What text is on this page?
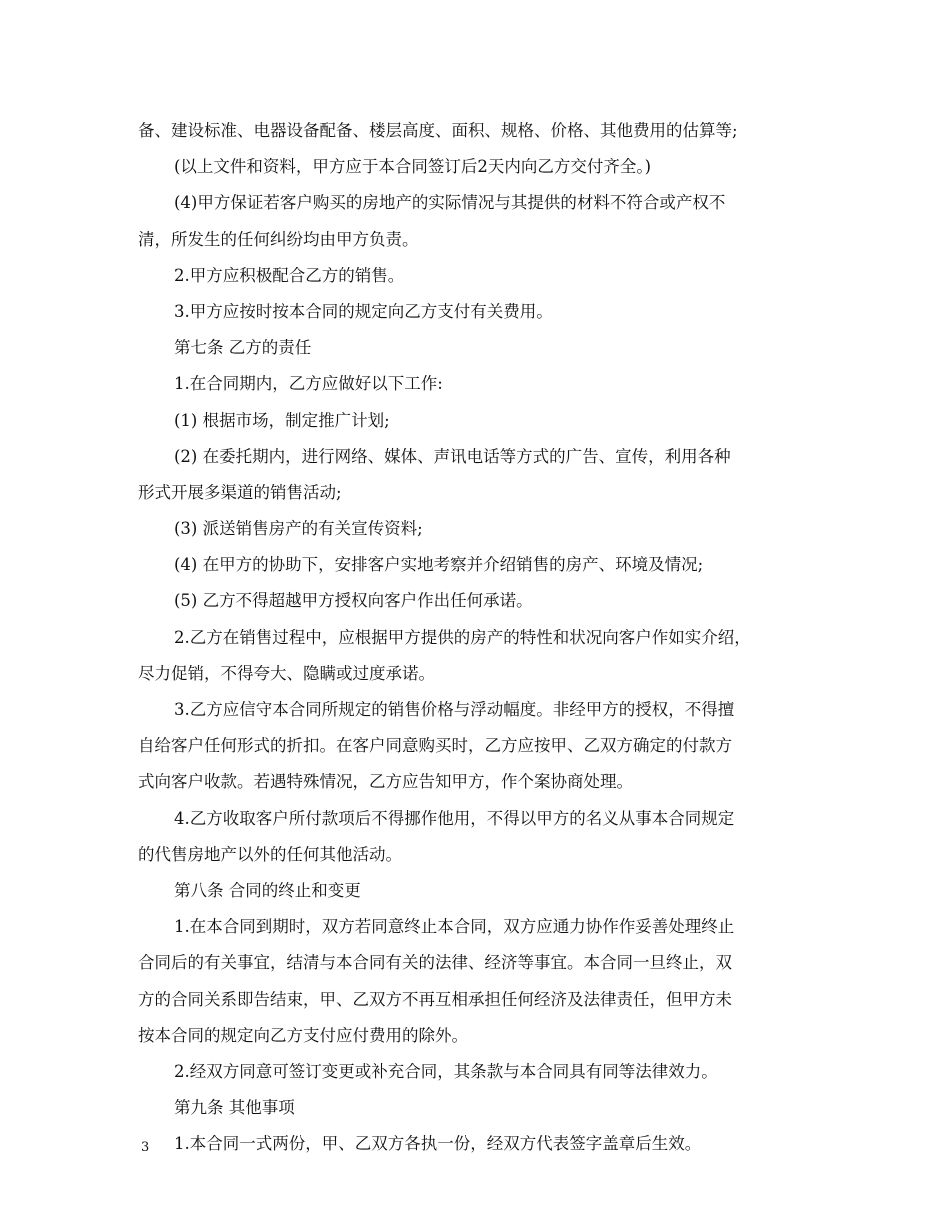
备、建设标准、电器设备配备、楼层高度、面积、规格、价格、其他费用的估算等;
(以上文件和资料，甲方应于本合同签订后2天内向乙方交付齐全。)
(4)甲方保证若客户购买的房地产的实际情况与其提供的材料不符合或产权不
清，所发生的任何纠纷均由甲方负责。
2.甲方应积极配合乙方的销售。
3.甲方应按时按本合同的规定向乙方支付有关费用。
第七条 乙方的责任
1.在合同期内，乙方应做好以下工作:
(1) 根据市场，制定推广计划;
(2) 在委托期内，进行网络、媒体、声讯电话等方式的广告、宣传，利用各种
形式开展多渠道的销售活动;
(3) 派送销售房产的有关宣传资料;
(4) 在甲方的协助下，安排客户实地考察并介绍销售的房产、环境及情况;
(5) 乙方不得超越甲方授权向客户作出任何承诺。
2.乙方在销售过程中，应根据甲方提供的房产的特性和状况向客户作如实介绍，
尽力促销，不得夸大、隐瞒或过度承诺。
3.乙方应信守本合同所规定的销售价格与浮动幅度。非经甲方的授权，不得擅
自给客户任何形式的折扣。在客户同意购买时，乙方应按甲、乙双方确定的付款方
式向客户收款。若遇特殊情况，乙方应告知甲方，作个案协商处理。
4.乙方收取客户所付款项后不得挪作他用，不得以甲方的名义从事本合同规定
的代售房地产以外的任何其他活动。
第八条 合同的终止和变更
1.在本合同到期时，双方若同意终止本合同，双方应通力协作作妥善处理终止
合同后的有关事宜，结清与本合同有关的法律、经济等事宜。本合同一旦终止，双
方的合同关系即告结束，甲、乙双方不再互相承担任何经济及法律责任，但甲方未
按本合同的规定向乙方支付应付费用的除外。
2.经双方同意可签订变更或补充合同，其条款与本合同具有同等法律效力。
第九条 其他事项
1.本合同一式两份，甲、乙双方各执一份，经双方代表签字盖章后生效。
3
